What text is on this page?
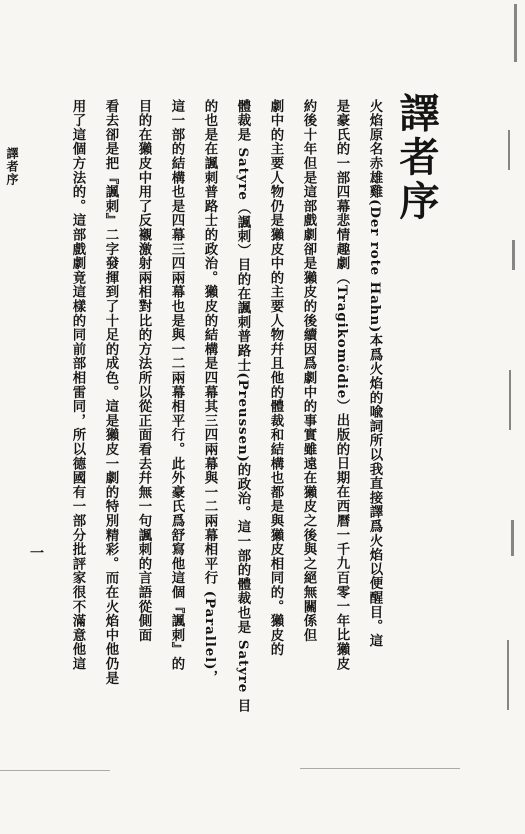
譯者序
一
譯者序
火焰原名赤雄雞(Der rote Hahn)本爲火焰的喩詞所以我直接譯爲火焰以便醒目。這
是豪氏的一部四幕悲情趣劇（Tragikomödie）出版的日期在西曆一千九百零一年比獺皮
約後十年但是這部戲劇卻是獺皮的後續因爲劇中的事實雖遠在獺皮之後與之絕無關係但
劇中的主要人物仍是獺皮中的主要人物幷且他的體裁和結構也都是與獺皮相同的。獺皮的
體裁是 Satyre（諷刺）目的在諷刺普路士(Preussen)的政治。這一部的體裁也是 Satyre 目
的也是在諷刺普路士的政治。獺皮的結構是四幕其三四兩幕與一二兩幕相平行 (Parallel)，
這一部的結構也是四幕三四兩幕也是與一二兩幕相平行。此外豪氏爲舒寫他這個『諷刺』的
目的在獺皮中用了反襯激射兩相對比的方法所以從正面看去幷無一句諷刺的言語從側面
看去卻是把『諷刺』二字發揮到了十足的成色。這是獺皮一劇的特別精彩。而在火焰中他仍是
用了這個方法的。這部戲劇竟這樣的同前部相雷同，所以德國有一部分批評家很不滿意他這
